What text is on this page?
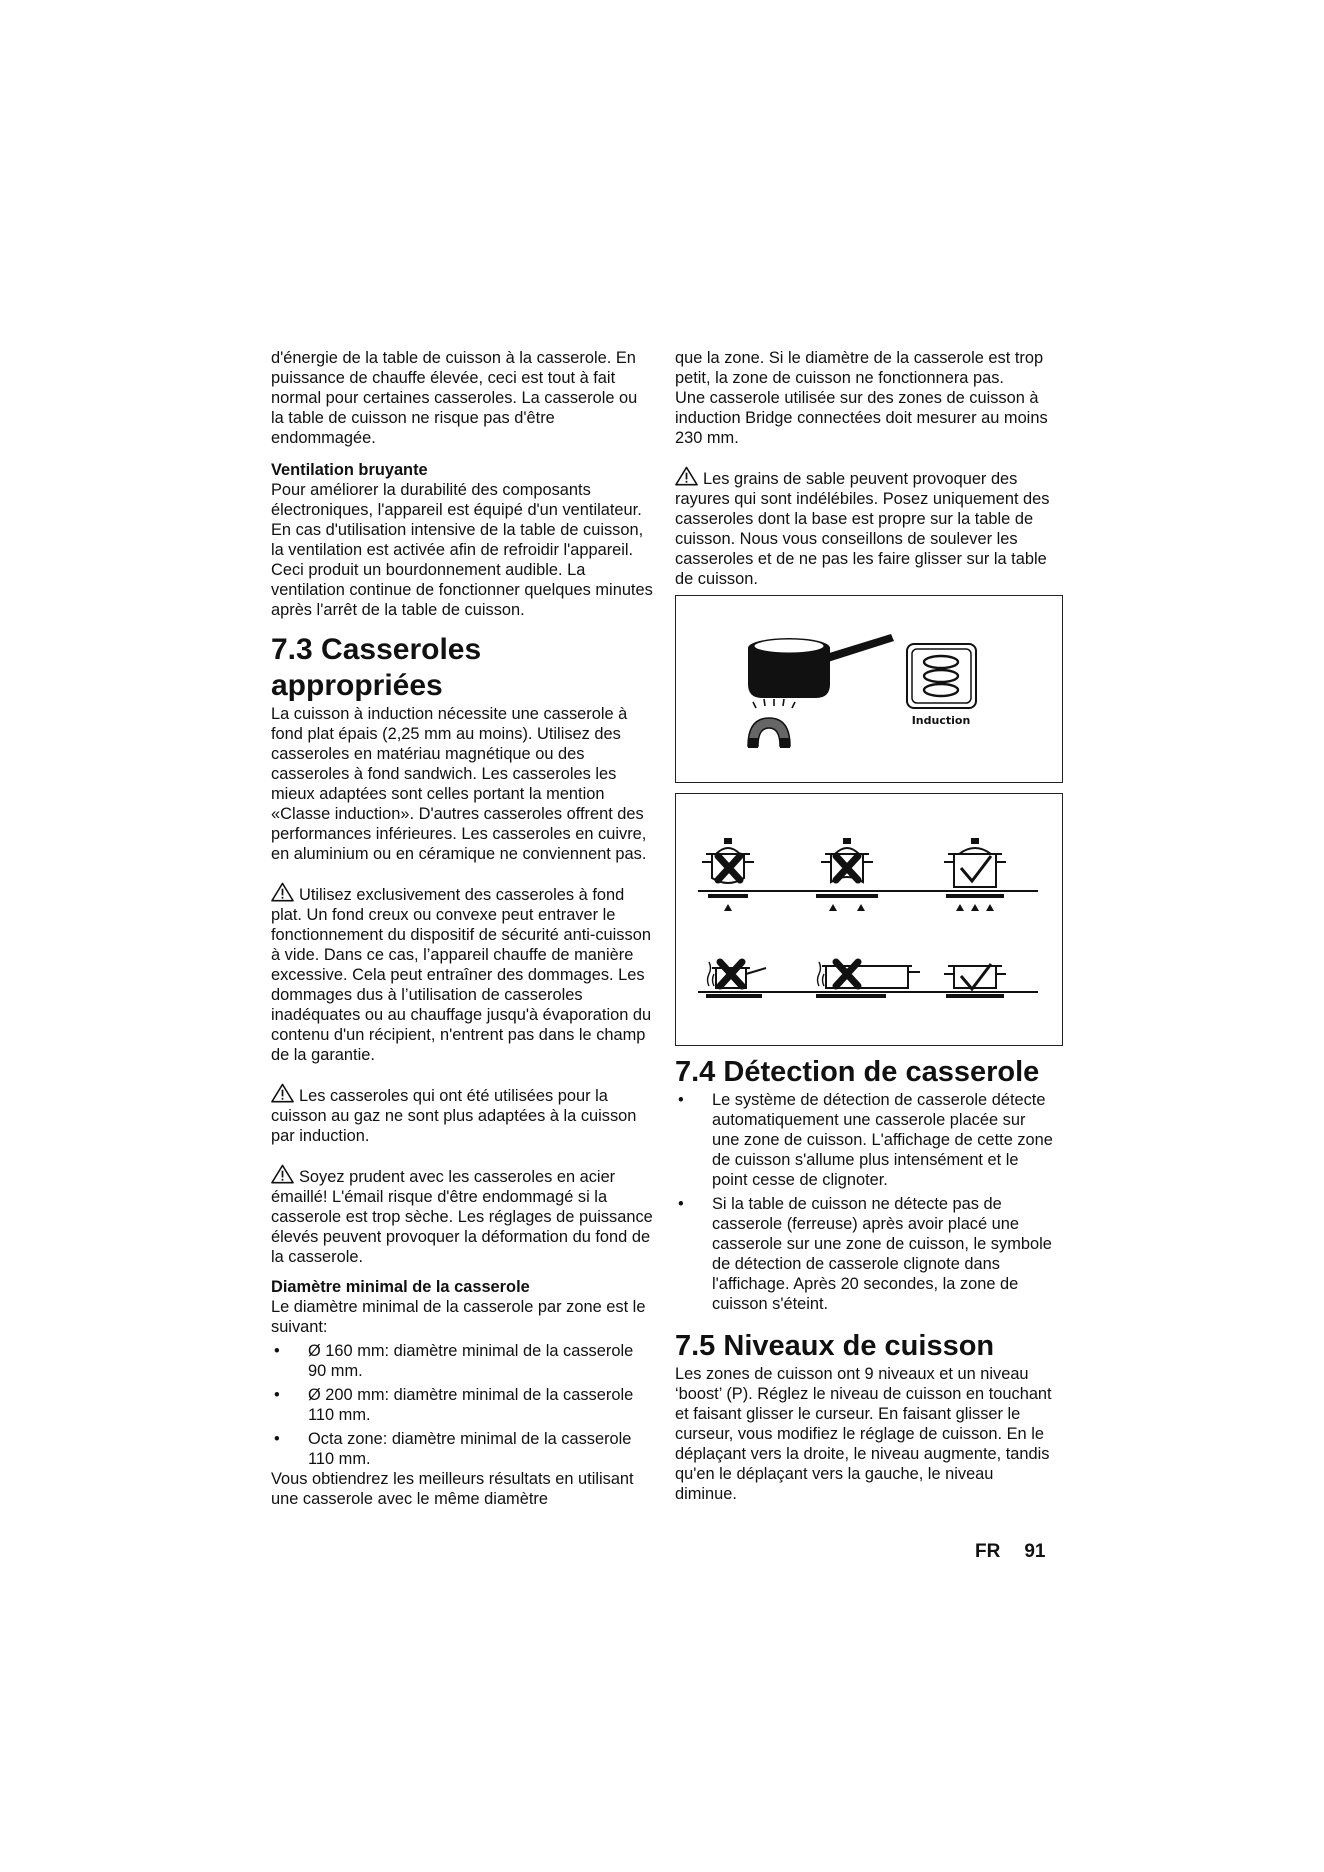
d'énergie de la table de cuisson à la casserole. En puissance de chauffe élevée, ceci est tout à fait normal pour certaines casseroles. La casserole ou la table de cuisson ne risque pas d'être endommagée.

Ventilation bruyante

Pour améliorer la durabilité des composants électroniques, l'appareil est équipé d'un ventilateur. En cas d'utilisation intensive de la table de cuisson, la ventilation est activée afin de refroidir l'appareil. Ceci produit un bourdonnement audible. La ventilation continue de fonctionner quelques minutes après l'arrêt de la table de cuisson.

7.3 Casseroles appropriées

La cuisson à induction nécessite une casserole à fond plat épais (2,25 mm au moins). Utilisez des casseroles en matériau magnétique ou des casseroles à fond sandwich. Les casseroles les mieux adaptées sont celles portant la mention «Classe induction». D'autres casseroles offrent des performances inférieures. Les casseroles en cuivre, en aluminium ou en céramique ne conviennent pas.

Utilisez exclusivement des casseroles à fond plat. Un fond creux ou convexe peut entraver le fonctionnement du dispositif de sécurité anti-cuisson à vide. Dans ce cas, l’appareil chauffe de manière excessive. Cela peut entraîner des dommages. Les dommages dus à l’utilisation de casseroles inadéquates ou au chauffage jusqu'à évaporation du contenu d'un récipient, n'entrent pas dans le champ de la garantie.

Les casseroles qui ont été utilisées pour la cuisson au gaz ne sont plus adaptées à la cuisson par induction.

Soyez prudent avec les casseroles en acier émaillé! L'émail risque d'être endommagé si la casserole est trop sèche. Les réglages de puissance élevés peuvent provoquer la déformation du fond de la casserole.

Diamètre minimal de la casserole

Le diamètre minimal de la casserole par zone est le suivant:

• Ø 160 mm: diamètre minimal de la casserole 90 mm.
• Ø 200 mm: diamètre minimal de la casserole 110 mm.
• Octa zone: diamètre minimal de la casserole 110 mm.

Vous obtiendrez les meilleurs résultats en utilisant une casserole avec le même diamètre

que la zone. Si le diamètre de la casserole est trop petit, la zone de cuisson ne fonctionnera pas.

Une casserole utilisée sur des zones de cuisson à induction Bridge connectées doit mesurer au moins 230 mm.

Les grains de sable peuvent provoquer des rayures qui sont indélébiles. Posez uniquement des casseroles dont la base est propre sur la table de cuisson. Nous vous conseillons de soulever les casseroles et de ne pas les faire glisser sur la table de cuisson.

Induction
7.4 Détection de casserole
• Le système de détection de casserole détecte automatiquement une casserole placée sur une zone de cuisson. L'affichage de cette zone de cuisson s'allume plus intensément et le point cesse de clignoter.
• Si la table de cuisson ne détecte pas de casserole (ferreuse) après avoir placé une casserole sur une zone de cuisson, le symbole de détection de casserole clignote dans l'affichage. Après 20 secondes, la zone de cuisson s'éteint.
7.5 Niveaux de cuisson

Les zones de cuisson ont 9 niveaux et un niveau ‘boost’ (P). Réglez le niveau de cuisson en touchant et faisant glisser le curseur. En faisant glisser le curseur, vous modifiez le réglage de cuisson. En le déplaçant vers la droite, le niveau augmente, tandis qu'en le déplaçant vers la gauche, le niveau diminue.

FR 91
